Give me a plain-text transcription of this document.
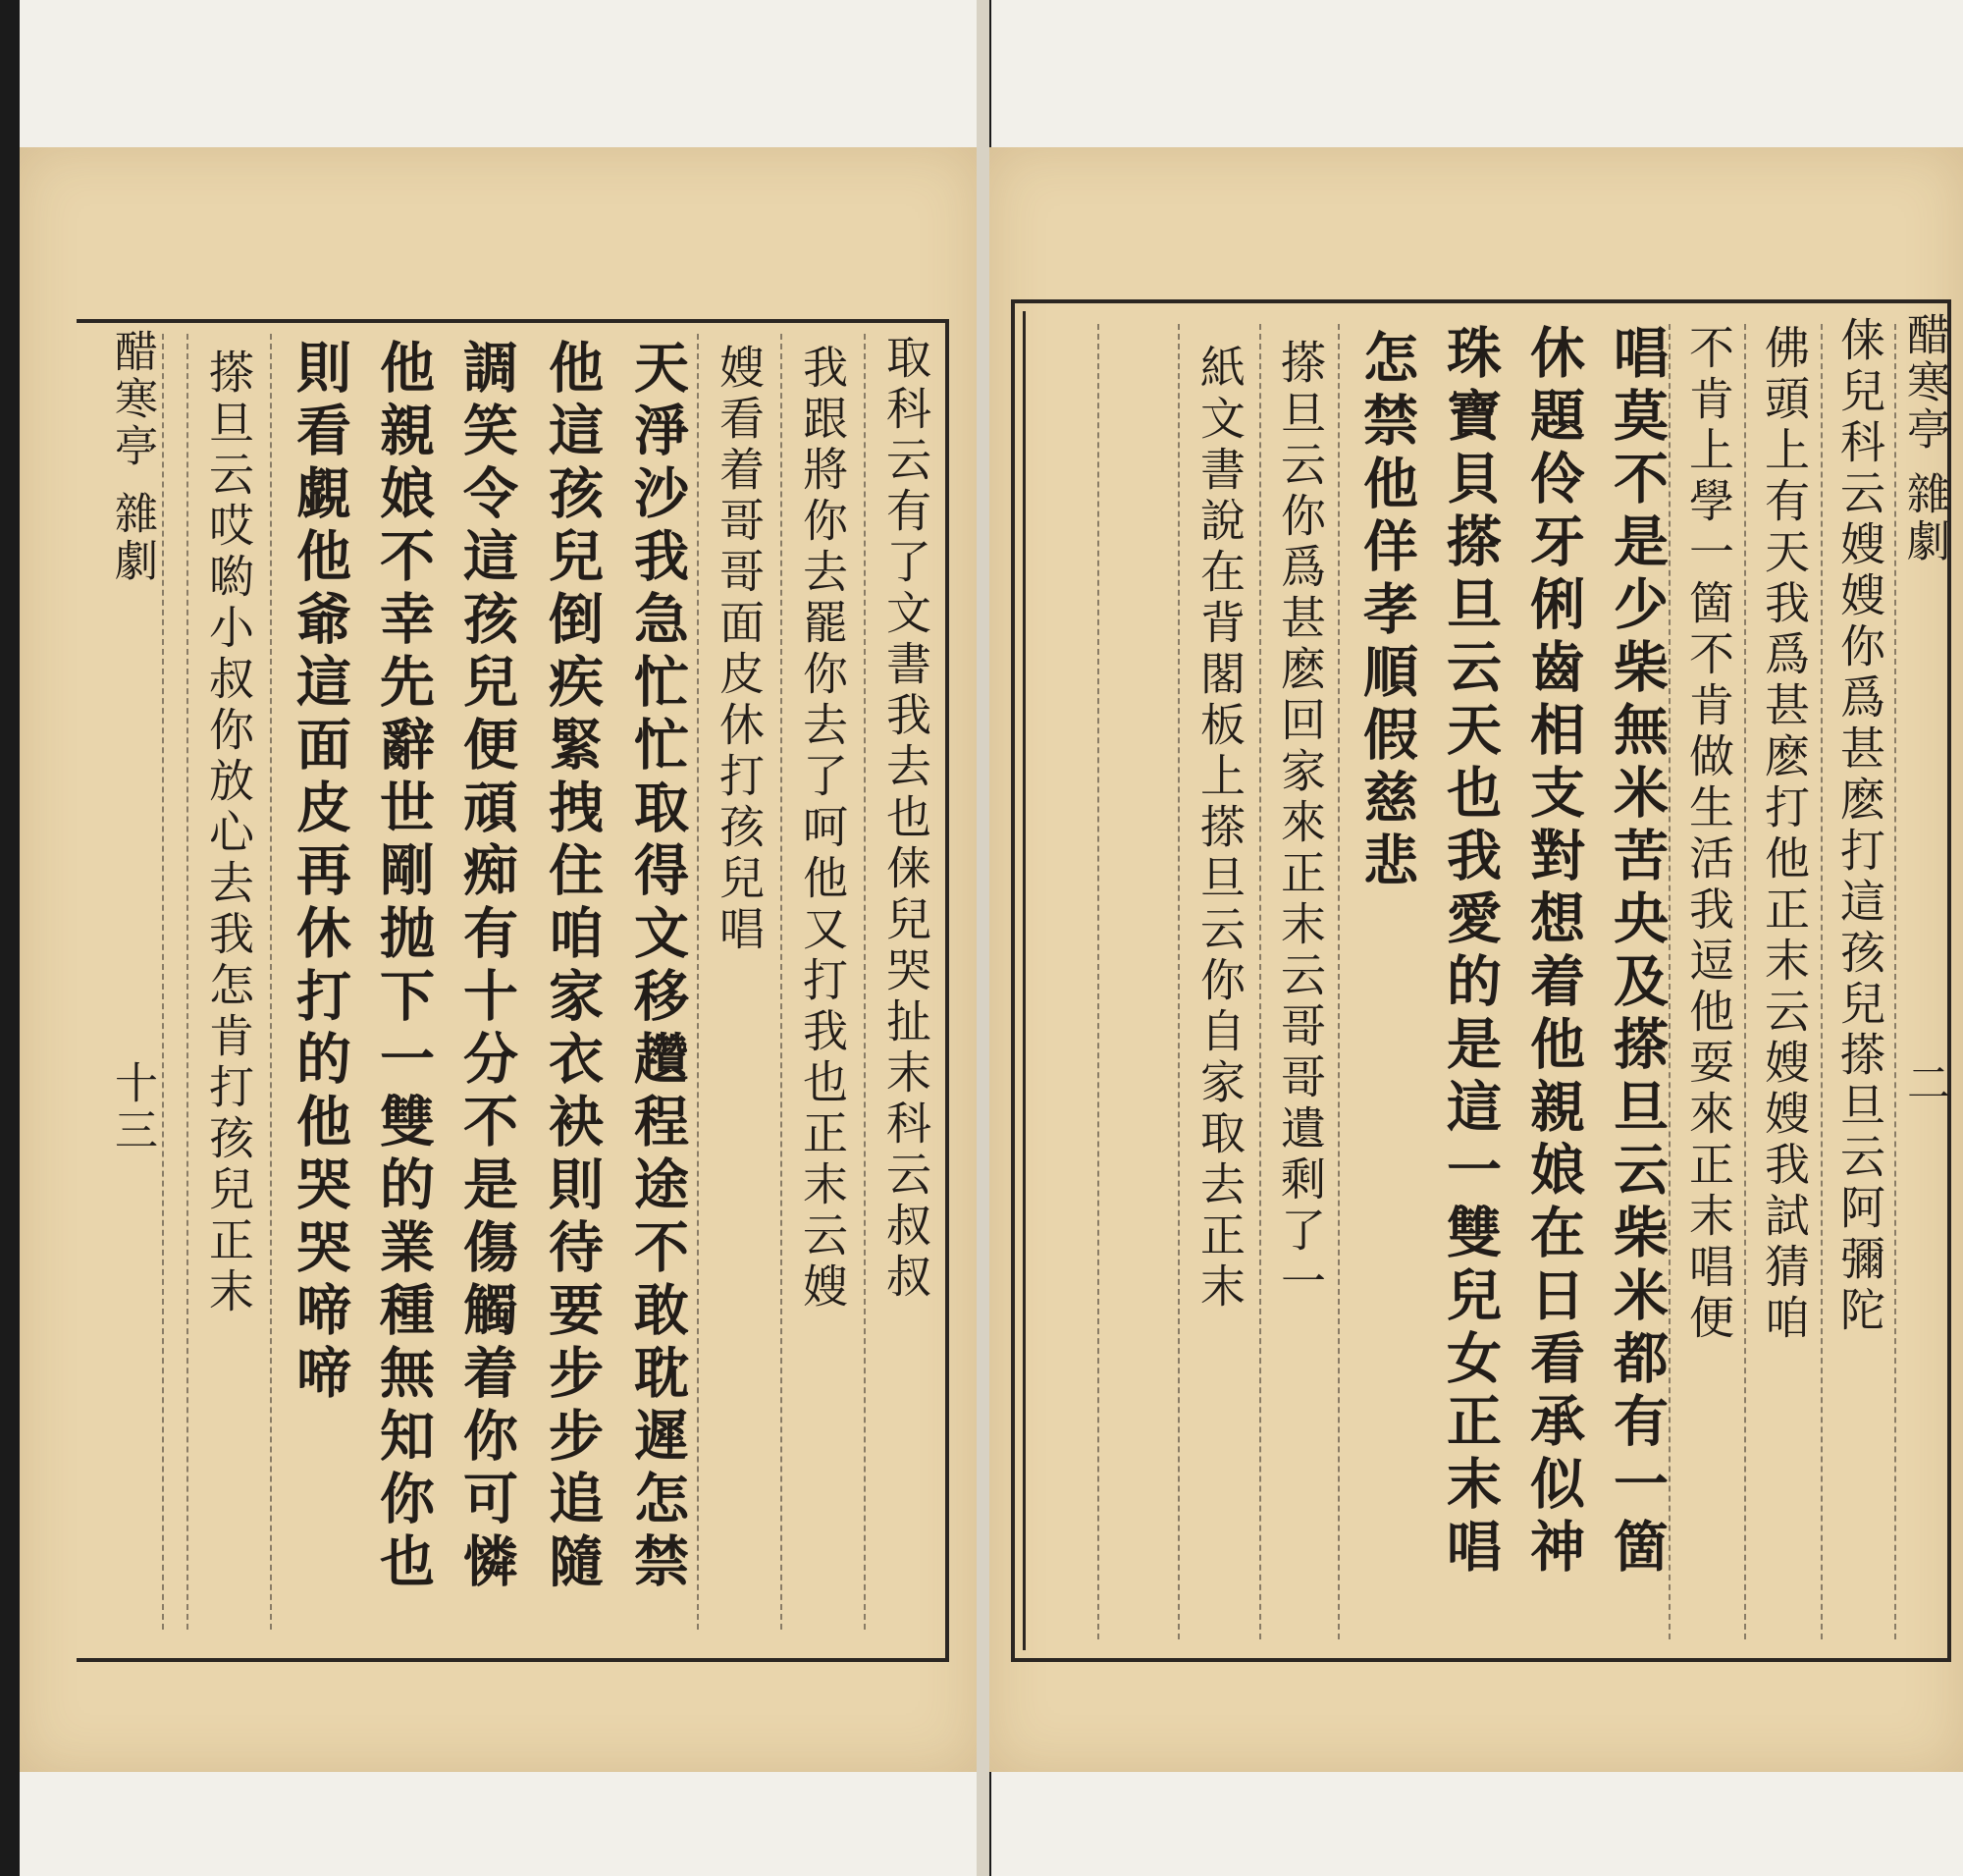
醋寒亭
雜劇
二
俫兒科云嫂嫂你爲甚麽打這孩兒搽旦云阿彌陀
佛頭上有天我爲甚麽打他正末云嫂嫂我試猜咱
不肯上學一箇不肯做生活我逗他耍來正末唱便
唱莫不是少柴無米苦央及搽旦云柴米都有一箇
休題伶牙俐齒相支對想着他親娘在日看承似神
珠寶貝搽旦云天也我愛的是這一雙兒女正末唱
怎禁他佯孝順假慈悲
搽旦云你爲甚麽回家來正末云哥哥遺剩了一
紙文書說在背閣板上搽旦云你自家取去正末
取科云有了文書我去也俫兒哭扯末科云叔叔
我跟將你去罷你去了呵他又打我也正末云嫂
嫂看着哥哥面皮休打孩兒唱
天淨沙我急忙忙取得文移趲程途不敢耽遲怎禁
他這孩兒倒疾緊拽住咱家衣袂則待要步步追隨
調笑令這孩兒便頑痴有十分不是傷觸着你可憐
他親娘不幸先辭世剛抛下一雙的業種無知你也
則看覷他爺這面皮再休打的他哭哭啼啼
搽旦云哎喲小叔你放心去我怎肯打孩兒正末
醋寒亭
雜劇
十三
